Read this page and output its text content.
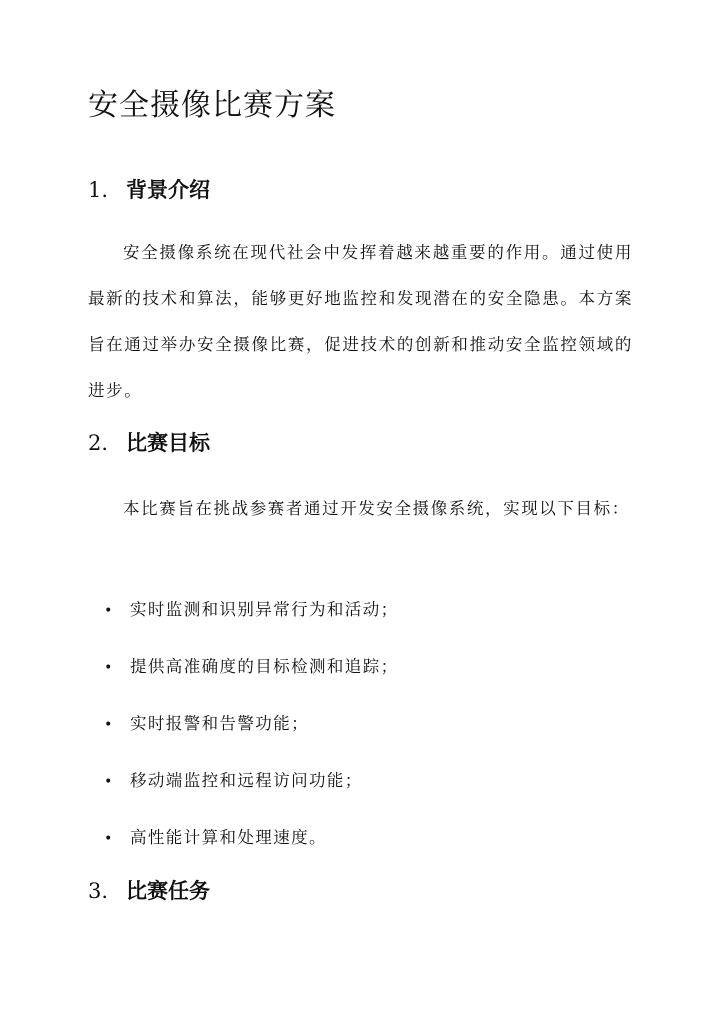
安全摄像比赛方案
1. 背景介绍

安全摄像系统在现代社会中发挥着越来越重要的作用。通过使用最新的技术和算法，能够更好地监控和发现潜在的安全隐患。本方案旨在通过举办安全摄像比赛，促进技术的创新和推动安全监控领域的进步。

2. 比赛目标

本比赛旨在挑战参赛者通过开发安全摄像系统，实现以下目标：

• 实时监测和识别异常行为和活动；
• 提供高准确度的目标检测和追踪；
• 实时报警和告警功能；
• 移动端监控和远程访问功能；
• 高性能计算和处理速度。
3. 比赛任务
